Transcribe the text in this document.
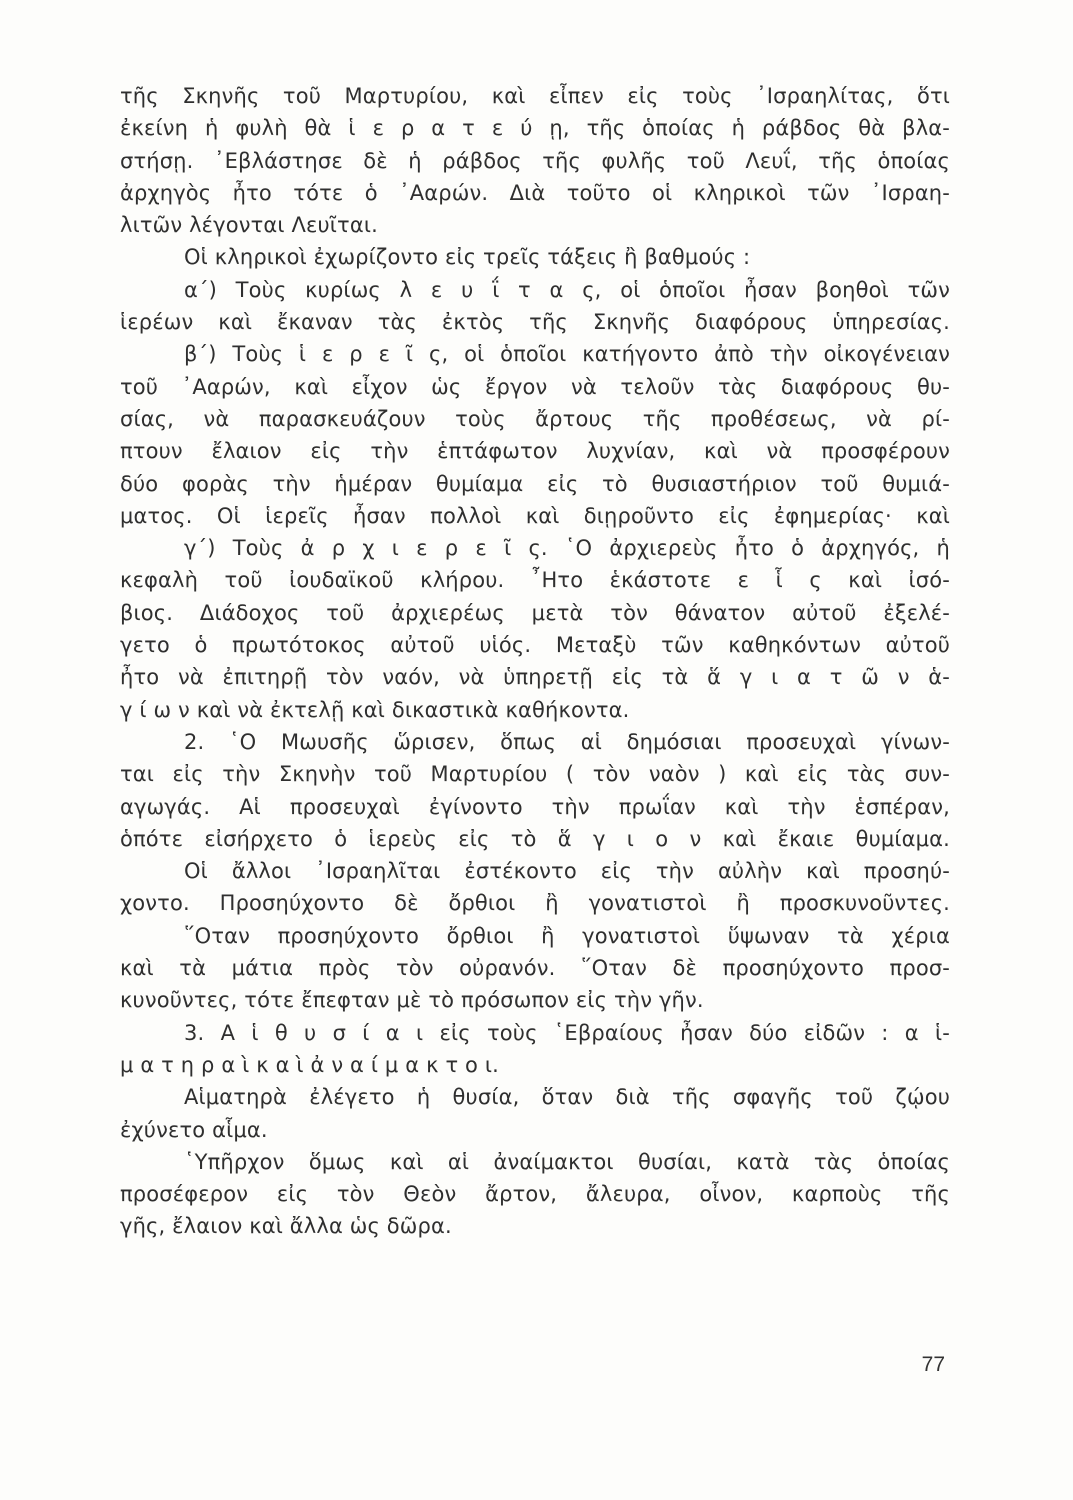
τῆς Σκηνῆς τοῦ Μαρτυρίου, καὶ εἶπεν εἰς τοὺς ᾿Ισραηλίτας, ὅτι
ἐκείνη ἡ φυλὴ θὰ ἱ ε ρ α τ ε ύ ῃ, τῆς ὁποίας ἡ ράβδος θὰ βλα-
στήσῃ. ᾿Εβλάστησε δὲ ἡ ράβδος τῆς φυλῆς τοῦ Λευΐ, τῆς ὁποίας
ἀρχηγὸς ἦτο τότε ὁ ᾿Ααρών. Διὰ τοῦτο οἱ κληρικοὶ τῶν ᾿Ισραη-
λιτῶν λέγονται Λευῖται.
Οἱ κληρικοὶ ἐχωρίζοντο εἰς τρεῖς τάξεις ἢ βαθμούς :
α΄) Τοὺς κυρίως λ ε υ ΐ τ α ς, οἱ ὁποῖοι ἦσαν βοηθοὶ τῶν
ἱερέων καὶ ἔκαναν τὰς ἐκτὸς τῆς Σκηνῆς διαφόρους ὑπηρεσίας.
β΄) Τοὺς ἱ ε ρ ε ῖ ς, οἱ ὁποῖοι κατήγοντο ἀπὸ τὴν οἰκογένειαν
τοῦ ᾿Ααρών, καὶ εἶχον ὡς ἔργον νὰ τελοῦν τὰς διαφόρους θυ-
σίας, νὰ παρασκευάζουν τοὺς ἄρτους τῆς προθέσεως, νὰ ρί-
πτουν ἔλαιον εἰς τὴν ἑπτάφωτον λυχνίαν, καὶ νὰ προσφέρουν
δύο φορὰς τὴν ἡμέραν θυμίαμα εἰς τὸ θυσιαστήριον τοῦ θυμιά-
ματος. Οἱ ἱερεῖς ἦσαν πολλοὶ καὶ διῃροῦντο εἰς ἐφημερίας· καὶ
γ΄) Τοὺς ἀ ρ χ ι ε ρ ε ῖ ς. ῾Ο ἀρχιερεὺς ἦτο ὁ ἀρχηγός, ἡ
κεφαλὴ τοῦ ἰουδαϊκοῦ κλήρου. ῏Ητο ἑκάστοτε ε ἷ ς καὶ ἰσό-
βιος. Διάδοχος τοῦ ἀρχιερέως μετὰ τὸν θάνατον αὐτοῦ ἐξελέ-
γετο ὁ πρωτότοκος αὐτοῦ υἱός. Μεταξὺ τῶν καθηκόντων αὐτοῦ
ἦτο νὰ ἐπιτηρῇ τὸν ναόν, νὰ ὑπηρετῇ εἰς τὰ ἅ γ ι α τ ῶ ν ἁ-
γ ί ω ν καὶ νὰ ἐκτελῇ καὶ δικαστικὰ καθήκοντα.
2. ῾Ο Μωυσῆς ὥρισεν, ὅπως αἱ δημόσιαι προσευχαὶ γίνων-
ται εἰς τὴν Σκηνὴν τοῦ Μαρτυρίου ( τὸν ναὸν ) καὶ εἰς τὰς συν-
αγωγάς. Αἱ προσευχαὶ ἐγίνοντο τὴν πρωΐαν καὶ τὴν ἑσπέραν,
ὁπότε εἰσήρχετο ὁ ἱερεὺς εἰς τὸ ἅ γ ι ο ν καὶ ἔκαιε θυμίαμα.
Οἱ ἄλλοι ᾿Ισραηλῖται ἐστέκοντο εἰς τὴν αὐλὴν καὶ προσηύ-
χοντο. Προσηύχοντο δὲ ὄρθιοι ἢ γονατιστοὶ ἢ προσκυνοῦντες.
῞Οταν προσηύχοντο ὄρθιοι ἢ γονατιστοὶ ὕψωναν τὰ χέρια
καὶ τὰ μάτια πρὸς τὸν οὐρανόν. ῞Οταν δὲ προσηύχοντο προσ-
κυνοῦντες, τότε ἔπεφταν μὲ τὸ πρόσωπον εἰς τὴν γῆν.
3. Α ἱ θ υ σ ί α ι εἰς τοὺς ῾Εβραίους ἦσαν δύο εἰδῶν : α ἱ-
μ α τ η ρ α ὶ κ α ὶ ἀ ν α ί μ α κ τ ο ι.
Αἱματηρὰ ἐλέγετο ἡ θυσία, ὅταν διὰ τῆς σφαγῆς τοῦ ζῴου
ἐχύνετο αἷμα.
῾Υπῆρχον ὅμως καὶ αἱ ἀναίμακτοι θυσίαι, κατὰ τὰς ὁποίας
προσέφερον εἰς τὸν Θεὸν ἄρτον, ἄλευρα, οἶνον, καρποὺς τῆς
γῆς, ἔλαιον καὶ ἄλλα ὡς δῶρα.
77
